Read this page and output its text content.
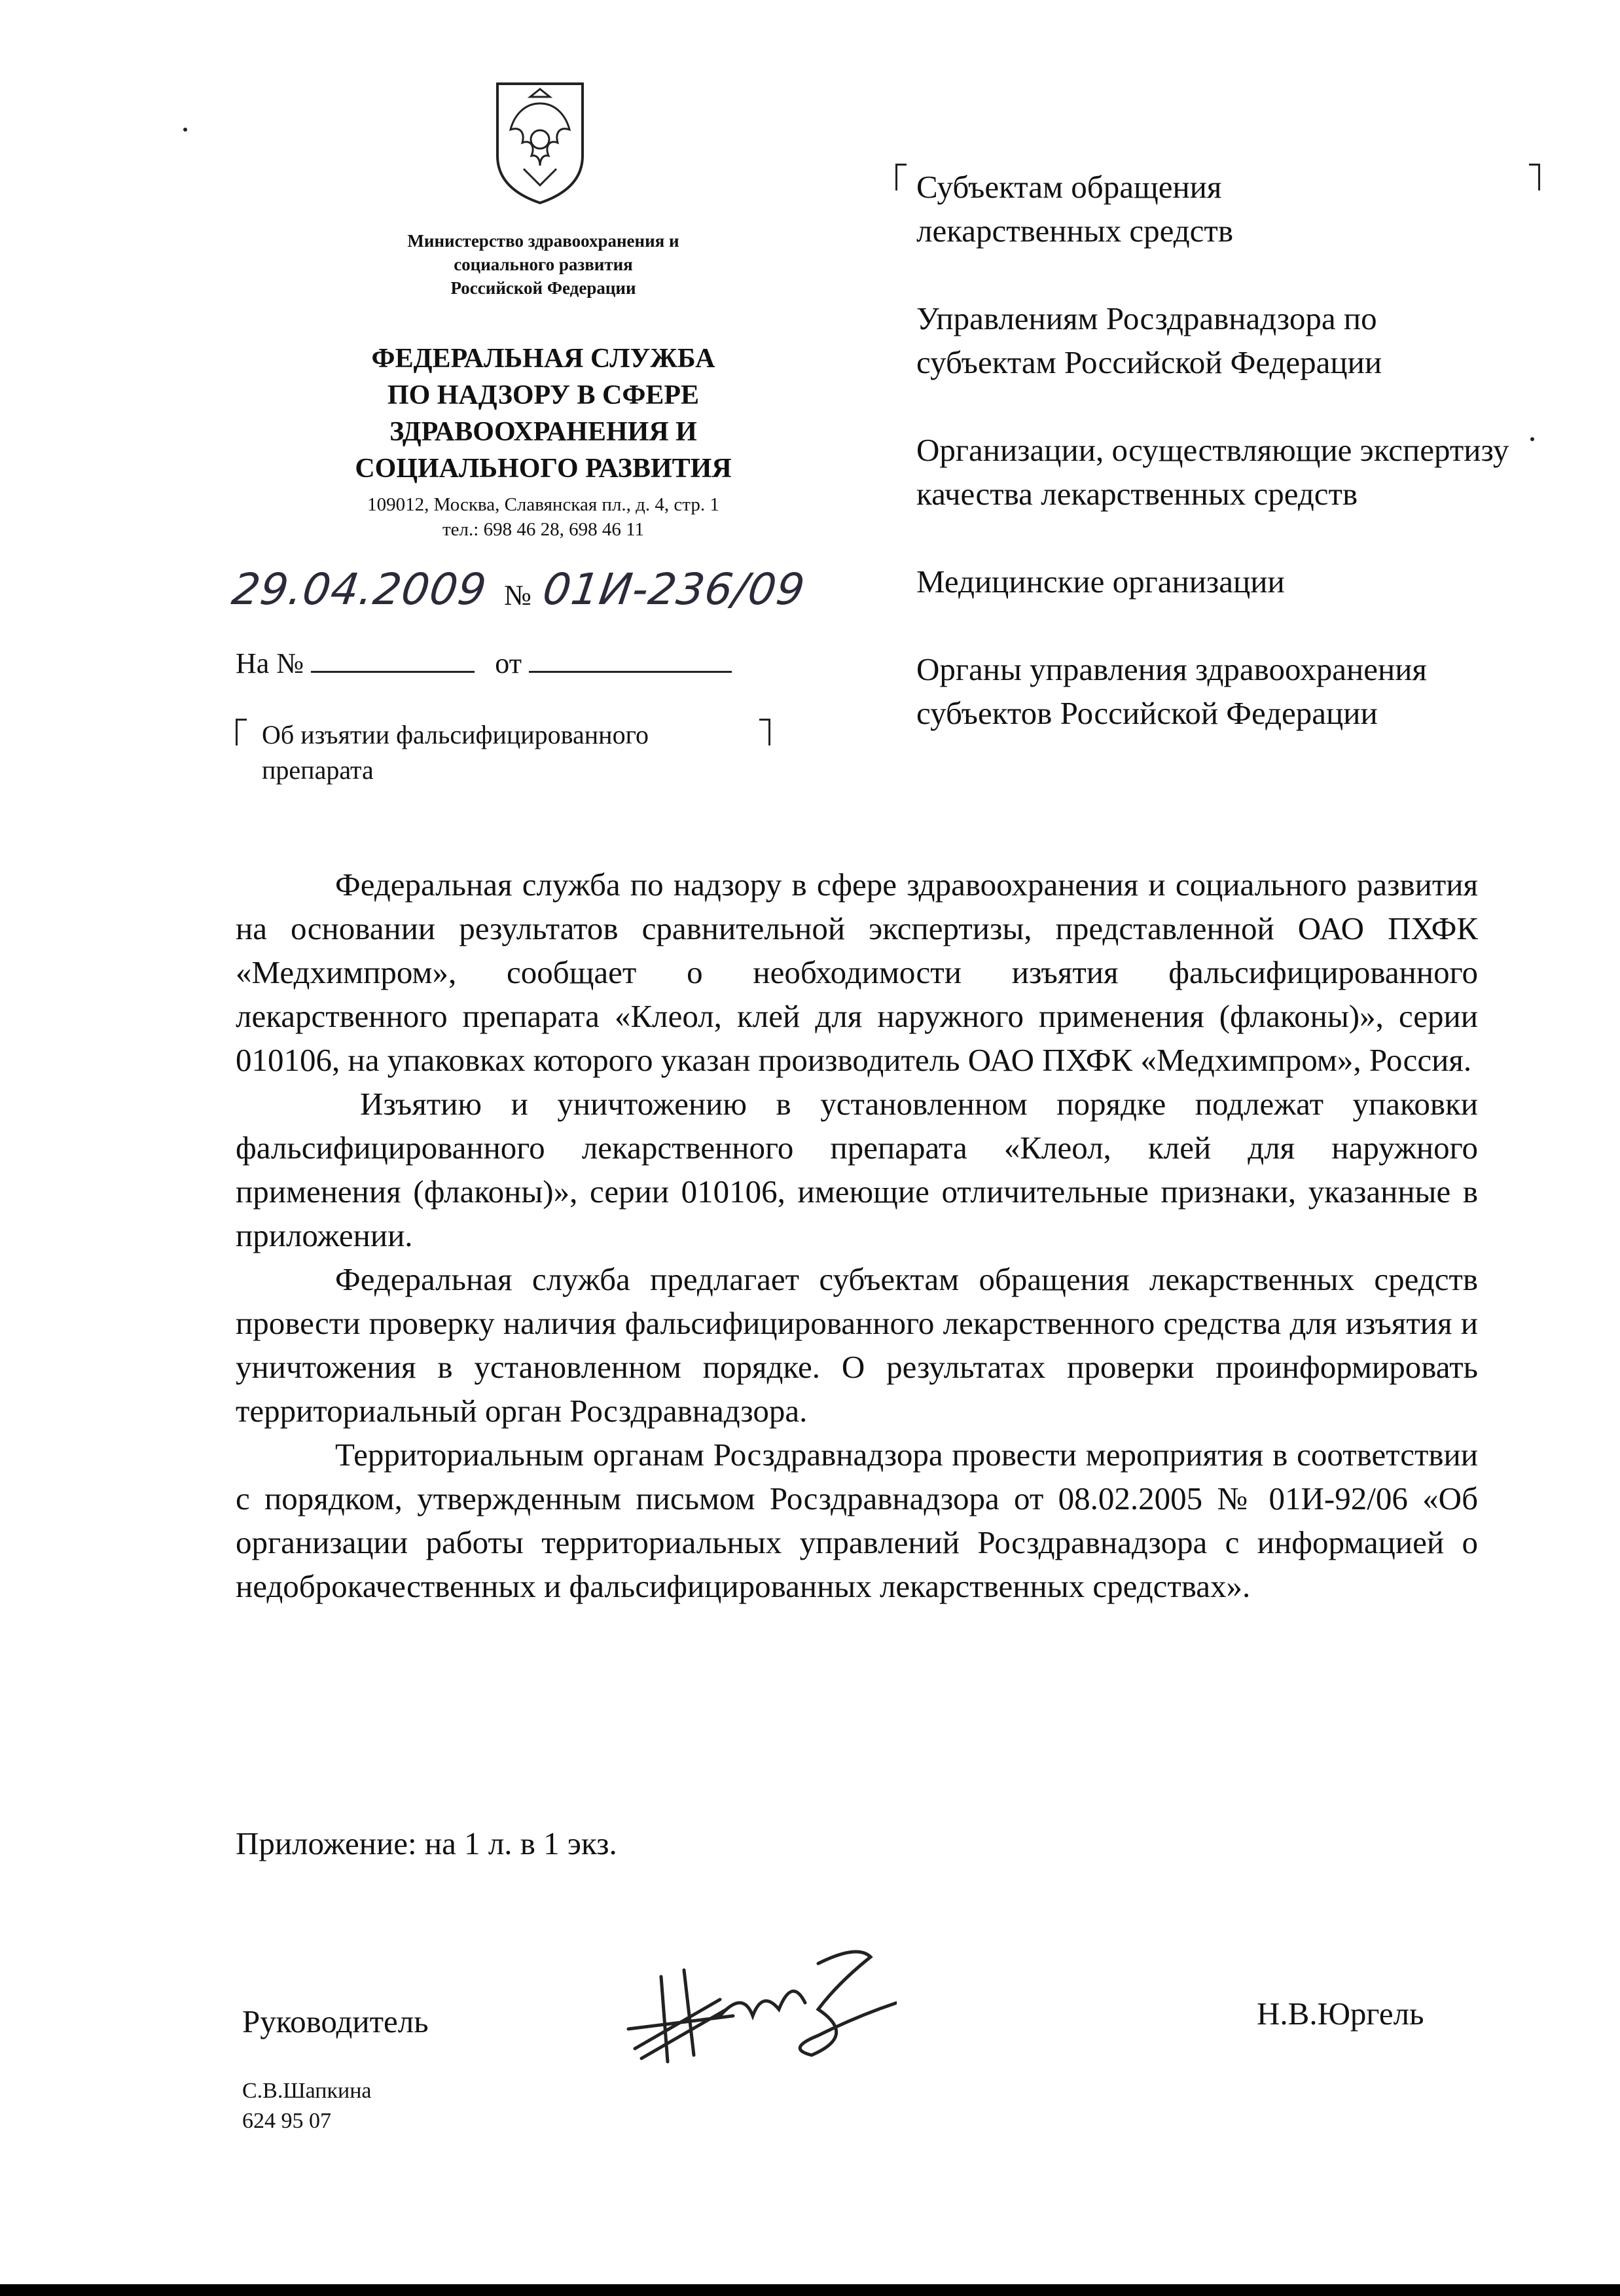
Министерство здравоохранения и
социального развития
Российской Федерации
ФЕДЕРАЛЬНАЯ СЛУЖБА
ПО НАДЗОРУ В СФЕРЕ
ЗДРАВООХРАНЕНИЯ И
СОЦИАЛЬНОГО РАЗВИТИЯ
109012, Москва, Славянская пл., д. 4, стр. 1
тел.: 698 46 28, 698 46 11
29.04.2009 № 01И-236/09
На №	от
Об изъятии фальсифицированного
препарата
Субъектам обращения лекарственных средств
Управлениям Росздравнадзора по субъектам Российской Федерации
Организации, осуществляющие экспертизу качества лекарственных средств
Медицинские организации
Органы управления здравоохранения субъектов Российской Федерации

Федеральная служба по надзору в сфере здравоохранения и социального развития на основании результатов сравнительной экспертизы, представленной ОАО ПХФК «Медхимпром», сообщает о необходимости изъятия фальсифицированного лекарственного препарата «Клеол, клей для наружного применения (флаконы)», серии 010106, на упаковках которого указан производитель ОАО ПХФК «Медхимпром», Россия.

Изъятию и уничтожению в установленном порядке подлежат упаковки фальсифицированного лекарственного препарата «Клеол, клей для наружного применения (флаконы)», серии 010106, имеющие отличительные признаки, указанные в приложении.

Федеральная служба предлагает субъектам обращения лекарственных средств провести проверку наличия фальсифицированного лекарственного средства для изъятия и уничтожения в установленном порядке. О результатах проверки проинформировать территориальный орган Росздравнадзора.

Территориальным органам Росздравнадзора провести мероприятия в соответствии с порядком, утвержденным письмом Росздравнадзора от 08.02.2005 № 01И-92/06 «Об организации работы территориальных управлений Росздравнадзора с информацией о недоброкачественных и фальсифицированных лекарственных средствах».

Приложение: на 1 л. в 1 экз.
Руководитель	Н.В.Юргель
С.В.Шапкина
624 95 07
